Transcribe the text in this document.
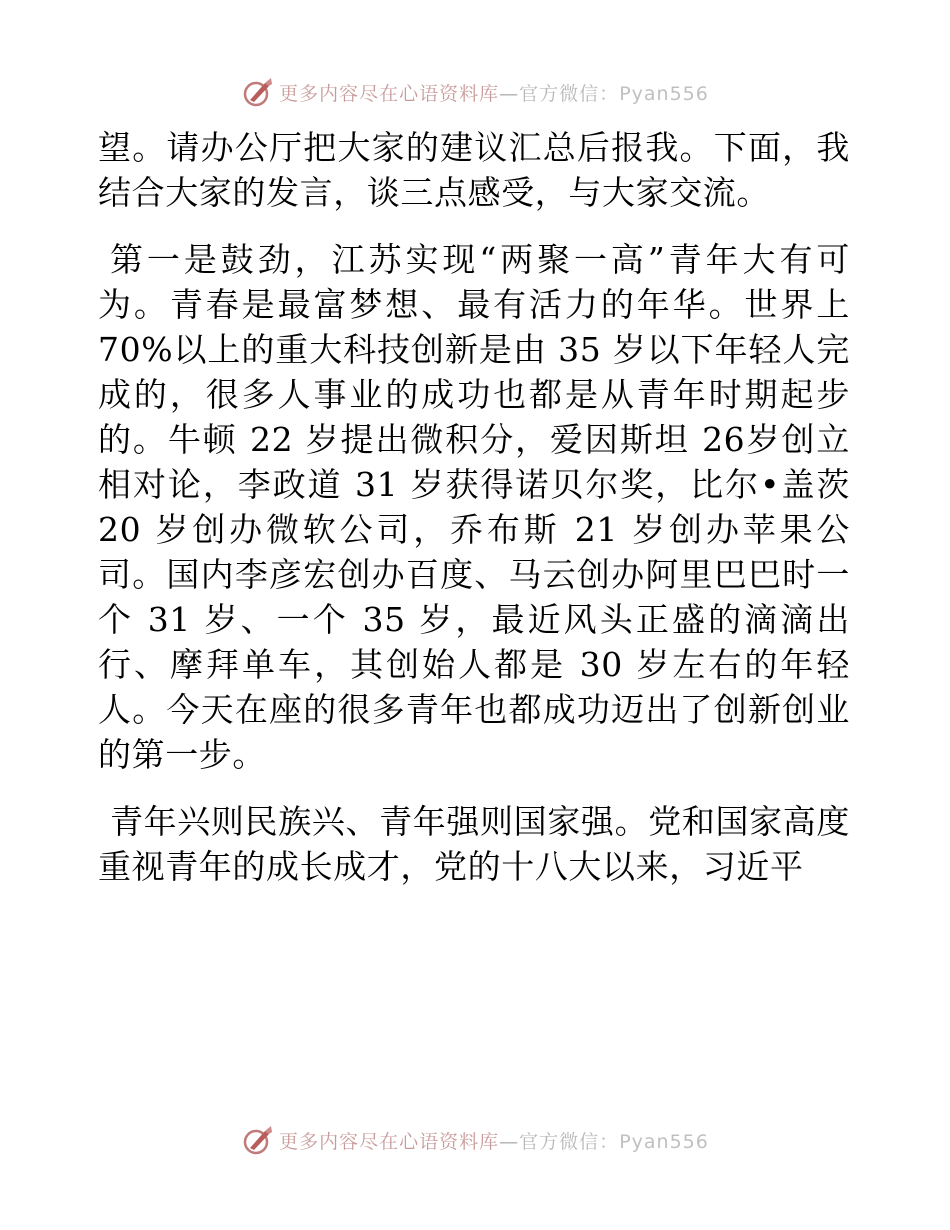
更多内容尽在心语资料库—官方微信：Pyan556

望。请办公厅把大家的建议汇总后报我。下面，我结合大家的发言，谈三点感受，与大家交流。

第一是鼓劲，江苏实现“两聚一高”青年大有可为。青春是最富梦想、最有活力的年华。世界上70%以上的重大科技创新是由 35 岁以下年轻人完成的，很多人事业的成功也都是从青年时期起步的。牛顿 22 岁提出微积分，爱因斯坦 26岁创立相对论，李政道 31 岁获得诺贝尔奖，比尔•盖茨20 岁创办微软公司，乔布斯 21 岁创办苹果公司。国内李彦宏创办百度、马云创办阿里巴巴时一个 31 岁、一个 35 岁，最近风头正盛的滴滴出行、摩拜单车，其创始人都是 30 岁左右的年轻人。今天在座的很多青年也都成功迈出了创新创业的第一步。

青年兴则民族兴、青年强则国家强。党和国家高度重视青年的成长成才，党的十八大以来，习近平

更多内容尽在心语资料库—官方微信：Pyan556
